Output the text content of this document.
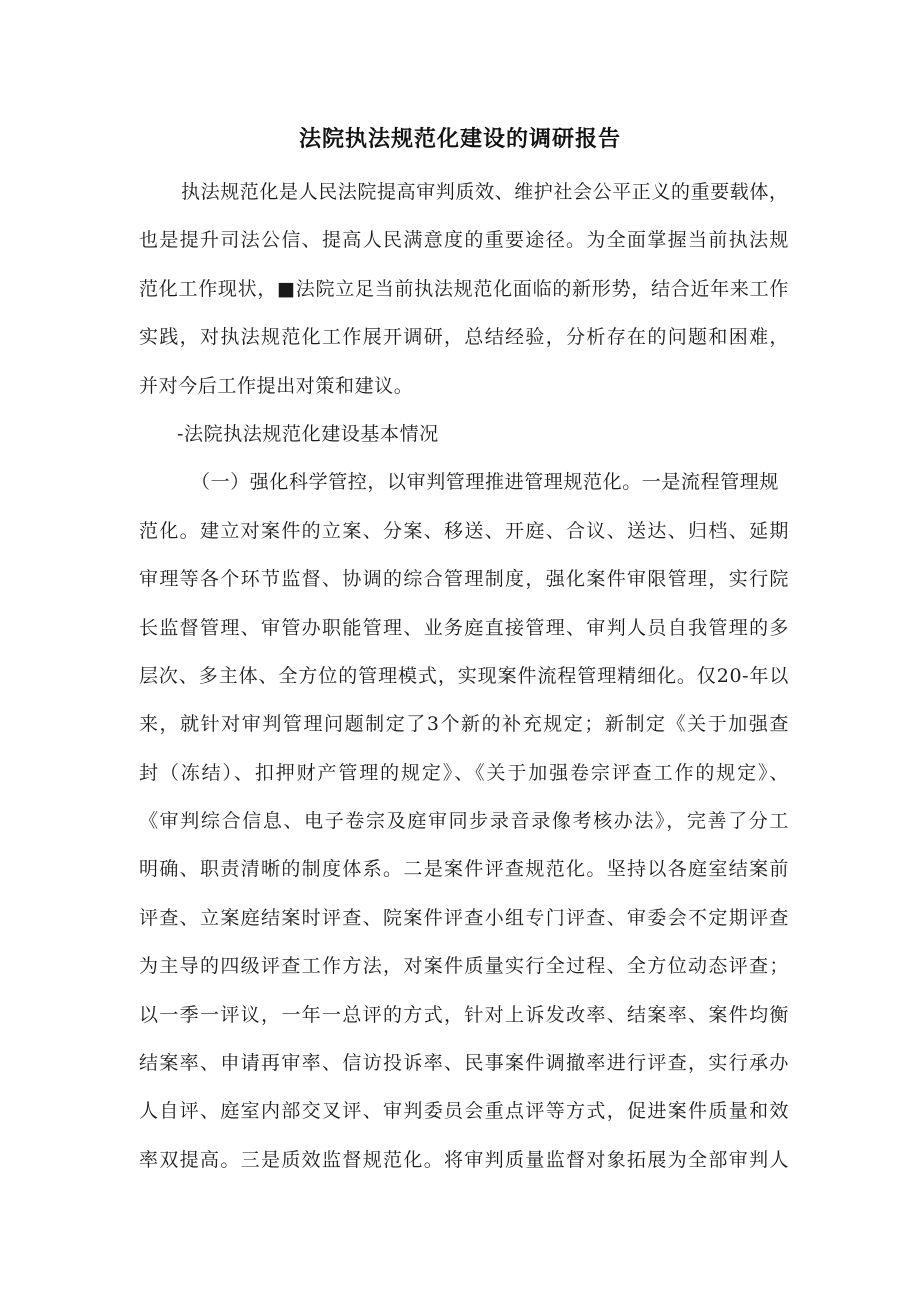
法院执法规范化建设的调研报告
执法规范化是人民法院提高审判质效、维护社会公平正义的重要载体，
也是提升司法公信、提高人民满意度的重要途径。为全面掌握当前执法规
范化工作现状，■法院立足当前执法规范化面临的新形势，结合近年来工作
实践，对执法规范化工作展开调研，总结经验，分析存在的问题和困难，
并对今后工作提出对策和建议。
-法院执法规范化建设基本情况
（一）强化科学管控，以审判管理推进管理规范化。一是流程管理规
范化。建立对案件的立案、分案、移送、开庭、合议、送达、归档、延期
审理等各个环节监督、协调的综合管理制度，强化案件审限管理，实行院
长监督管理、审管办职能管理、业务庭直接管理、审判人员自我管理的多
层次、多主体、全方位的管理模式，实现案件流程管理精细化。仅20-年以
来，就针对审判管理问题制定了3个新的补充规定；新制定《关于加强查
封（冻结）、扣押财产管理的规定》、《关于加强卷宗评查工作的规定》、
《审判综合信息、电子卷宗及庭审同步录音录像考核办法》，完善了分工
明确、职责清晰的制度体系。二是案件评查规范化。坚持以各庭室结案前
评查、立案庭结案时评查、院案件评查小组专门评查、审委会不定期评查
为主导的四级评查工作方法，对案件质量实行全过程、全方位动态评查；
以一季一评议，一年一总评的方式，针对上诉发改率、结案率、案件均衡
结案率、申请再审率、信访投诉率、民事案件调撤率进行评查，实行承办
人自评、庭室内部交叉评、审判委员会重点评等方式，促进案件质量和效
率双提高。三是质效监督规范化。将审判质量监督对象拓展为全部审判人
